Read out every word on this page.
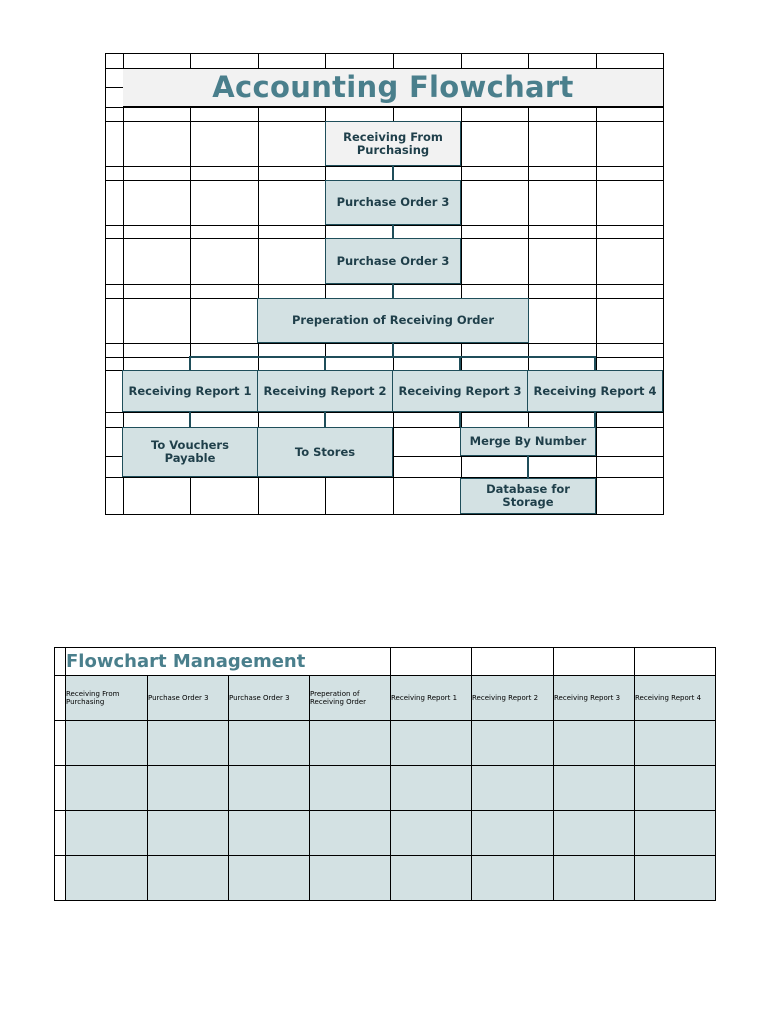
Accounting Flowchart
Receiving From Purchasing
Purchase Order 3
Purchase Order 3
Preperation of Receiving Order
Receiving Report 1 Receiving Report 2 Receiving Report 3 Receiving Report 4
To Vouchers Payable	To Stores
Merge By Number
Database for Storage
Flowchart Management
Receiving From Purchasing	Purchase Order 3	Purchase Order 3	Preperation of Receiving Order	Receiving Report 1	Receiving Report 2	Receiving Report 3	Receiving Report 4
